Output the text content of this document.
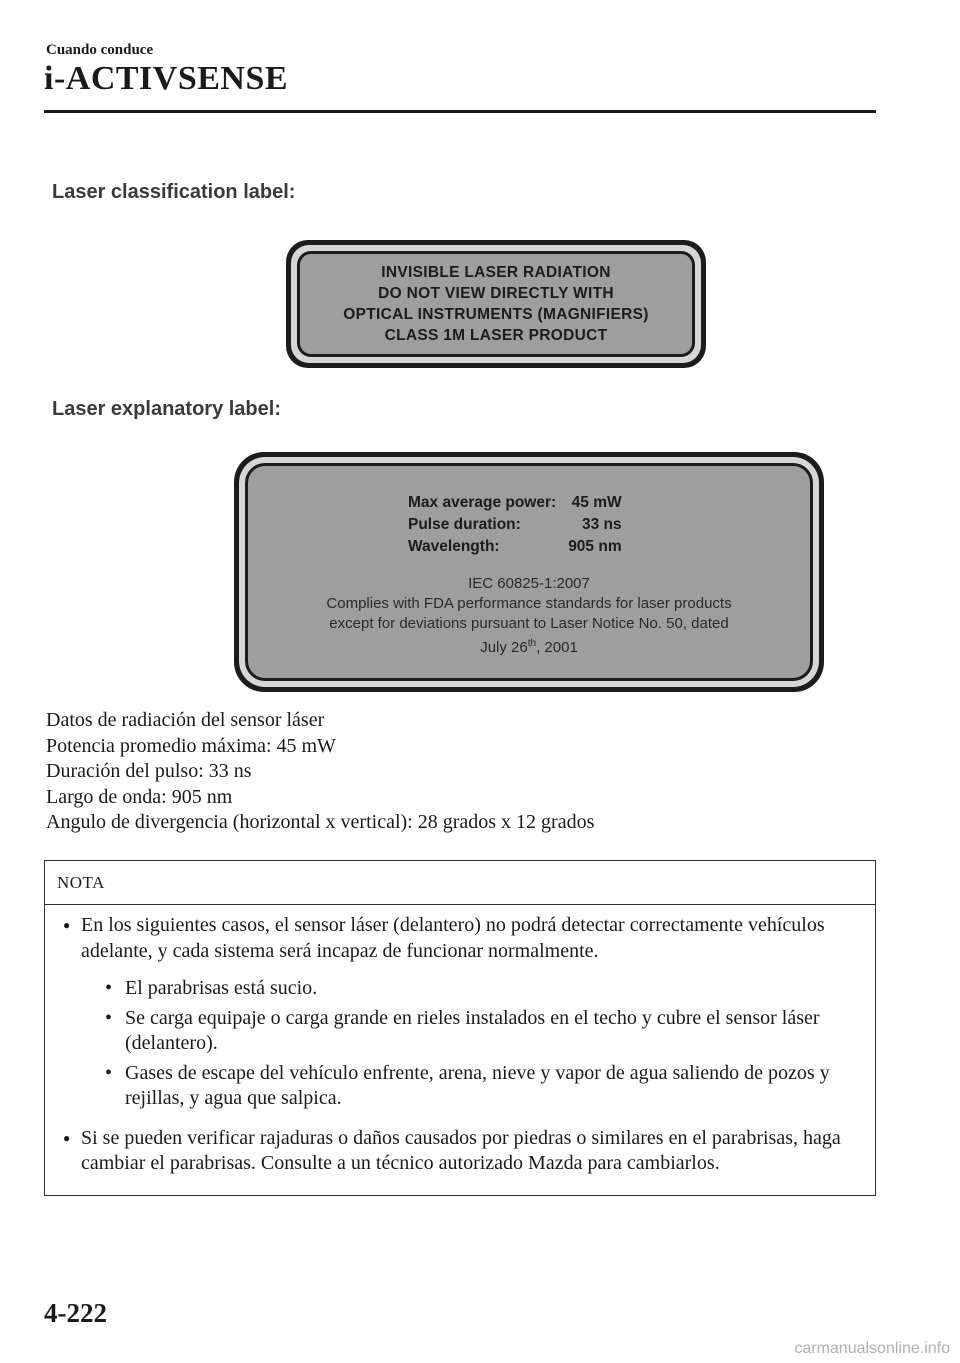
Cuando conduce
i-ACTIVSENSE
Laser classification label:
INVISIBLE LASER RADIATION
DO NOT VIEW DIRECTLY WITH
OPTICAL INSTRUMENTS (MAGNIFIERS)
CLASS 1M LASER PRODUCT
Laser explanatory label:
Max average power:	45 mW
Pulse duration:	33 ns
Wavelength:	905 nm
IEC 60825-1:2007
Complies with FDA performance standards for laser products
except for deviations pursuant to Laser Notice No. 50, dated
July 26th, 2001
Datos de radiación del sensor láser
Potencia promedio máxima: 45 mW
Duración del pulso: 33 ns
Largo de onda: 905 nm
Angulo de divergencia (horizontal x vertical): 28 grados x 12 grados
NOTA
● En los siguientes casos, el sensor láser (delantero) no podrá detectar correctamente vehículos adelante, y cada sistema será incapaz de funcionar normalmente.
• El parabrisas está sucio.
• Se carga equipaje o carga grande en rieles instalados en el techo y cubre el sensor láser (delantero).
• Gases de escape del vehículo enfrente, arena, nieve y vapor de agua saliendo de pozos y rejillas, y agua que salpica.
● Si se pueden verificar rajaduras o daños causados por piedras o similares en el parabrisas, haga cambiar el parabrisas. Consulte a un técnico autorizado Mazda para cambiarlos.
4-222
carmanualsonline.info
